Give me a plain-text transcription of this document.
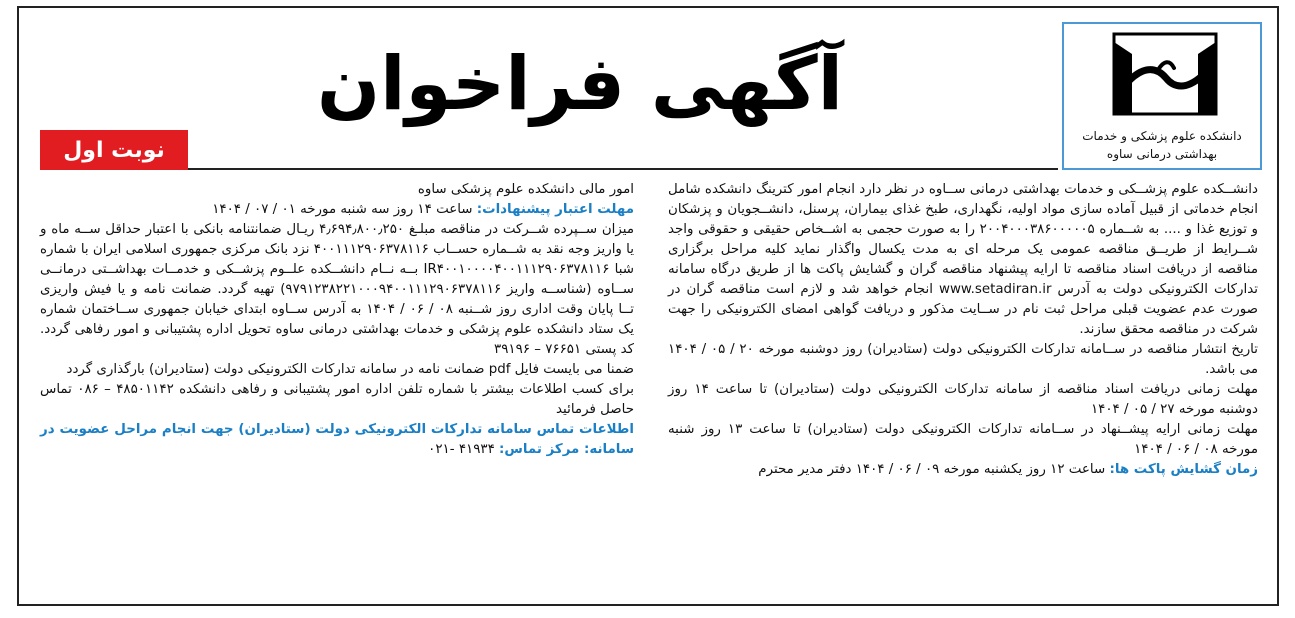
دانشکده علوم پزشکی و خدمات
بهداشتی درمانی ساوه
آگهی فراخوان
نوبت اول

دانشــکده علوم پزشــکی و خدمات بهداشتی درمانی ســاوه در نظر دارد انجام امور کترینگ دانشکده شامل انجام خدماتی از قبیل آماده سازی مواد اولیه، نگهداری، طبخ غذای بیماران، پرسنل، دانشــجویان و پزشکان و توزیع غذا و .... به شــماره ۲۰۰۴۰۰۰۳۸۶۰۰۰۰۰۵ را به صورت حجمی به اشــخاص حقیقی و حقوقی واجد شــرایط از طریــق مناقصه عمومی یک مرحله ای به مدت یکسال واگذار نماید کلیه مراحل برگزاری مناقصه از دریافت اسناد مناقصه تا ارایه پیشنهاد مناقصه گران و گشایش پاکت ها از طریق درگاه سامانه تدارکات الکترونیکی دولت به آدرس www.setadiran.ir انجام خواهد شد و لازم است مناقصه گران در صورت عدم عضویت قبلی مراحل ثبت نام در ســایت مذکور و دریافت گواهی امضای الکترونیکی را جهت شرکت در مناقصه محقق سازند.

تاریخ انتشار مناقصه در ســامانه تدارکات الکترونیکی دولت (ستادیران) روز دوشنبه مورخه ۲۰ / ۰۵ / ۱۴۰۴ می باشد.

مهلت زمانی دریافت اسناد مناقصه از سامانه تدارکات الکترونیکی دولت (ستادیران) تا ساعت ۱۴ روز دوشنبه مورخه ۲۷ / ۰۵ / ۱۴۰۴

مهلت زمانی ارایه پیشــنهاد در ســامانه تدارکات الکترونیکی دولت (ستادیران) تا ساعت ۱۳ روز شنبه مورخه ۰۸ / ۰۶ / ۱۴۰۴

زمان گشایش پاکت ها: ساعت ۱۲ روز یکشنبه مورخه ۰۹ / ۰۶ / ۱۴۰۴ دفتر مدیر محترم

امور مالی دانشکده علوم پزشکی ساوه

مهلت اعتبار پیشنهادات: ساعت ۱۴ روز سه شنبه مورخه ۰۱ / ۰۷ / ۱۴۰۴

میزان ســپرده شــرکت در مناقصه مبلـغ ۴٫۶۹۴٫۸۰۰٫۲۵۰ ریـال ضمانتنامه بانکی با اعتبار حداقل ســه ماه و یا واریز وجه نقد به شــماره حســاب ۴۰۰۱۱۱۲۹۰۶۳۷۸۱۱۶ نزد بانک مرکزی جمهوری اسلامی ایران با شماره شبا IR۴۰۰۱۰۰۰۰۴۰۰۱۱۱۲۹۰۶۳۷۸۱۱۶ بــه نــام دانشــکده علــوم پزشــکی و خدمــات بهداشــتی درمانــی ســاوه (شناســه واریز ۹۷۹۱۲۳۸۲۲۱۰۰۰۹۴۰۰۱۱۱۲۹۰۶۳۷۸۱۱۶) تهیه گردد. ضمانت نامه و یا فیش واریزی تــا پایان وقت اداری روز شــنبه ۰۸ / ۰۶ / ۱۴۰۴ به آدرس ســاوه ابتدای خیابان جمهوری ســاختمان شماره یک ستاد دانشکده علوم پزشکی و خدمات بهداشتی درمانی ساوه تحویل اداره پشتیبانی و امور رفاهی گردد. کد پستی ۷۶۶۵۱ – ۳۹۱۹۶

ضمنا می بایست فایل pdf ضمانت نامه در سامانه تدارکات الکترونیکی دولت (ستادیران) بارگذاری گردد

برای کسب اطلاعات بیشتر با شماره تلفن اداره امور پشتیبانی و رفاهی دانشکده ۴۸۵۰۱۱۴۲ – ۰۸۶ تماس حاصل فرمائید

اطلاعات تماس سامانه تدارکات الکترونیکی دولت (ستادیران) جهت انجام مراحل عضویت در سامانه: مرکز تماس: ۴۱۹۳۴ -۰۲۱
